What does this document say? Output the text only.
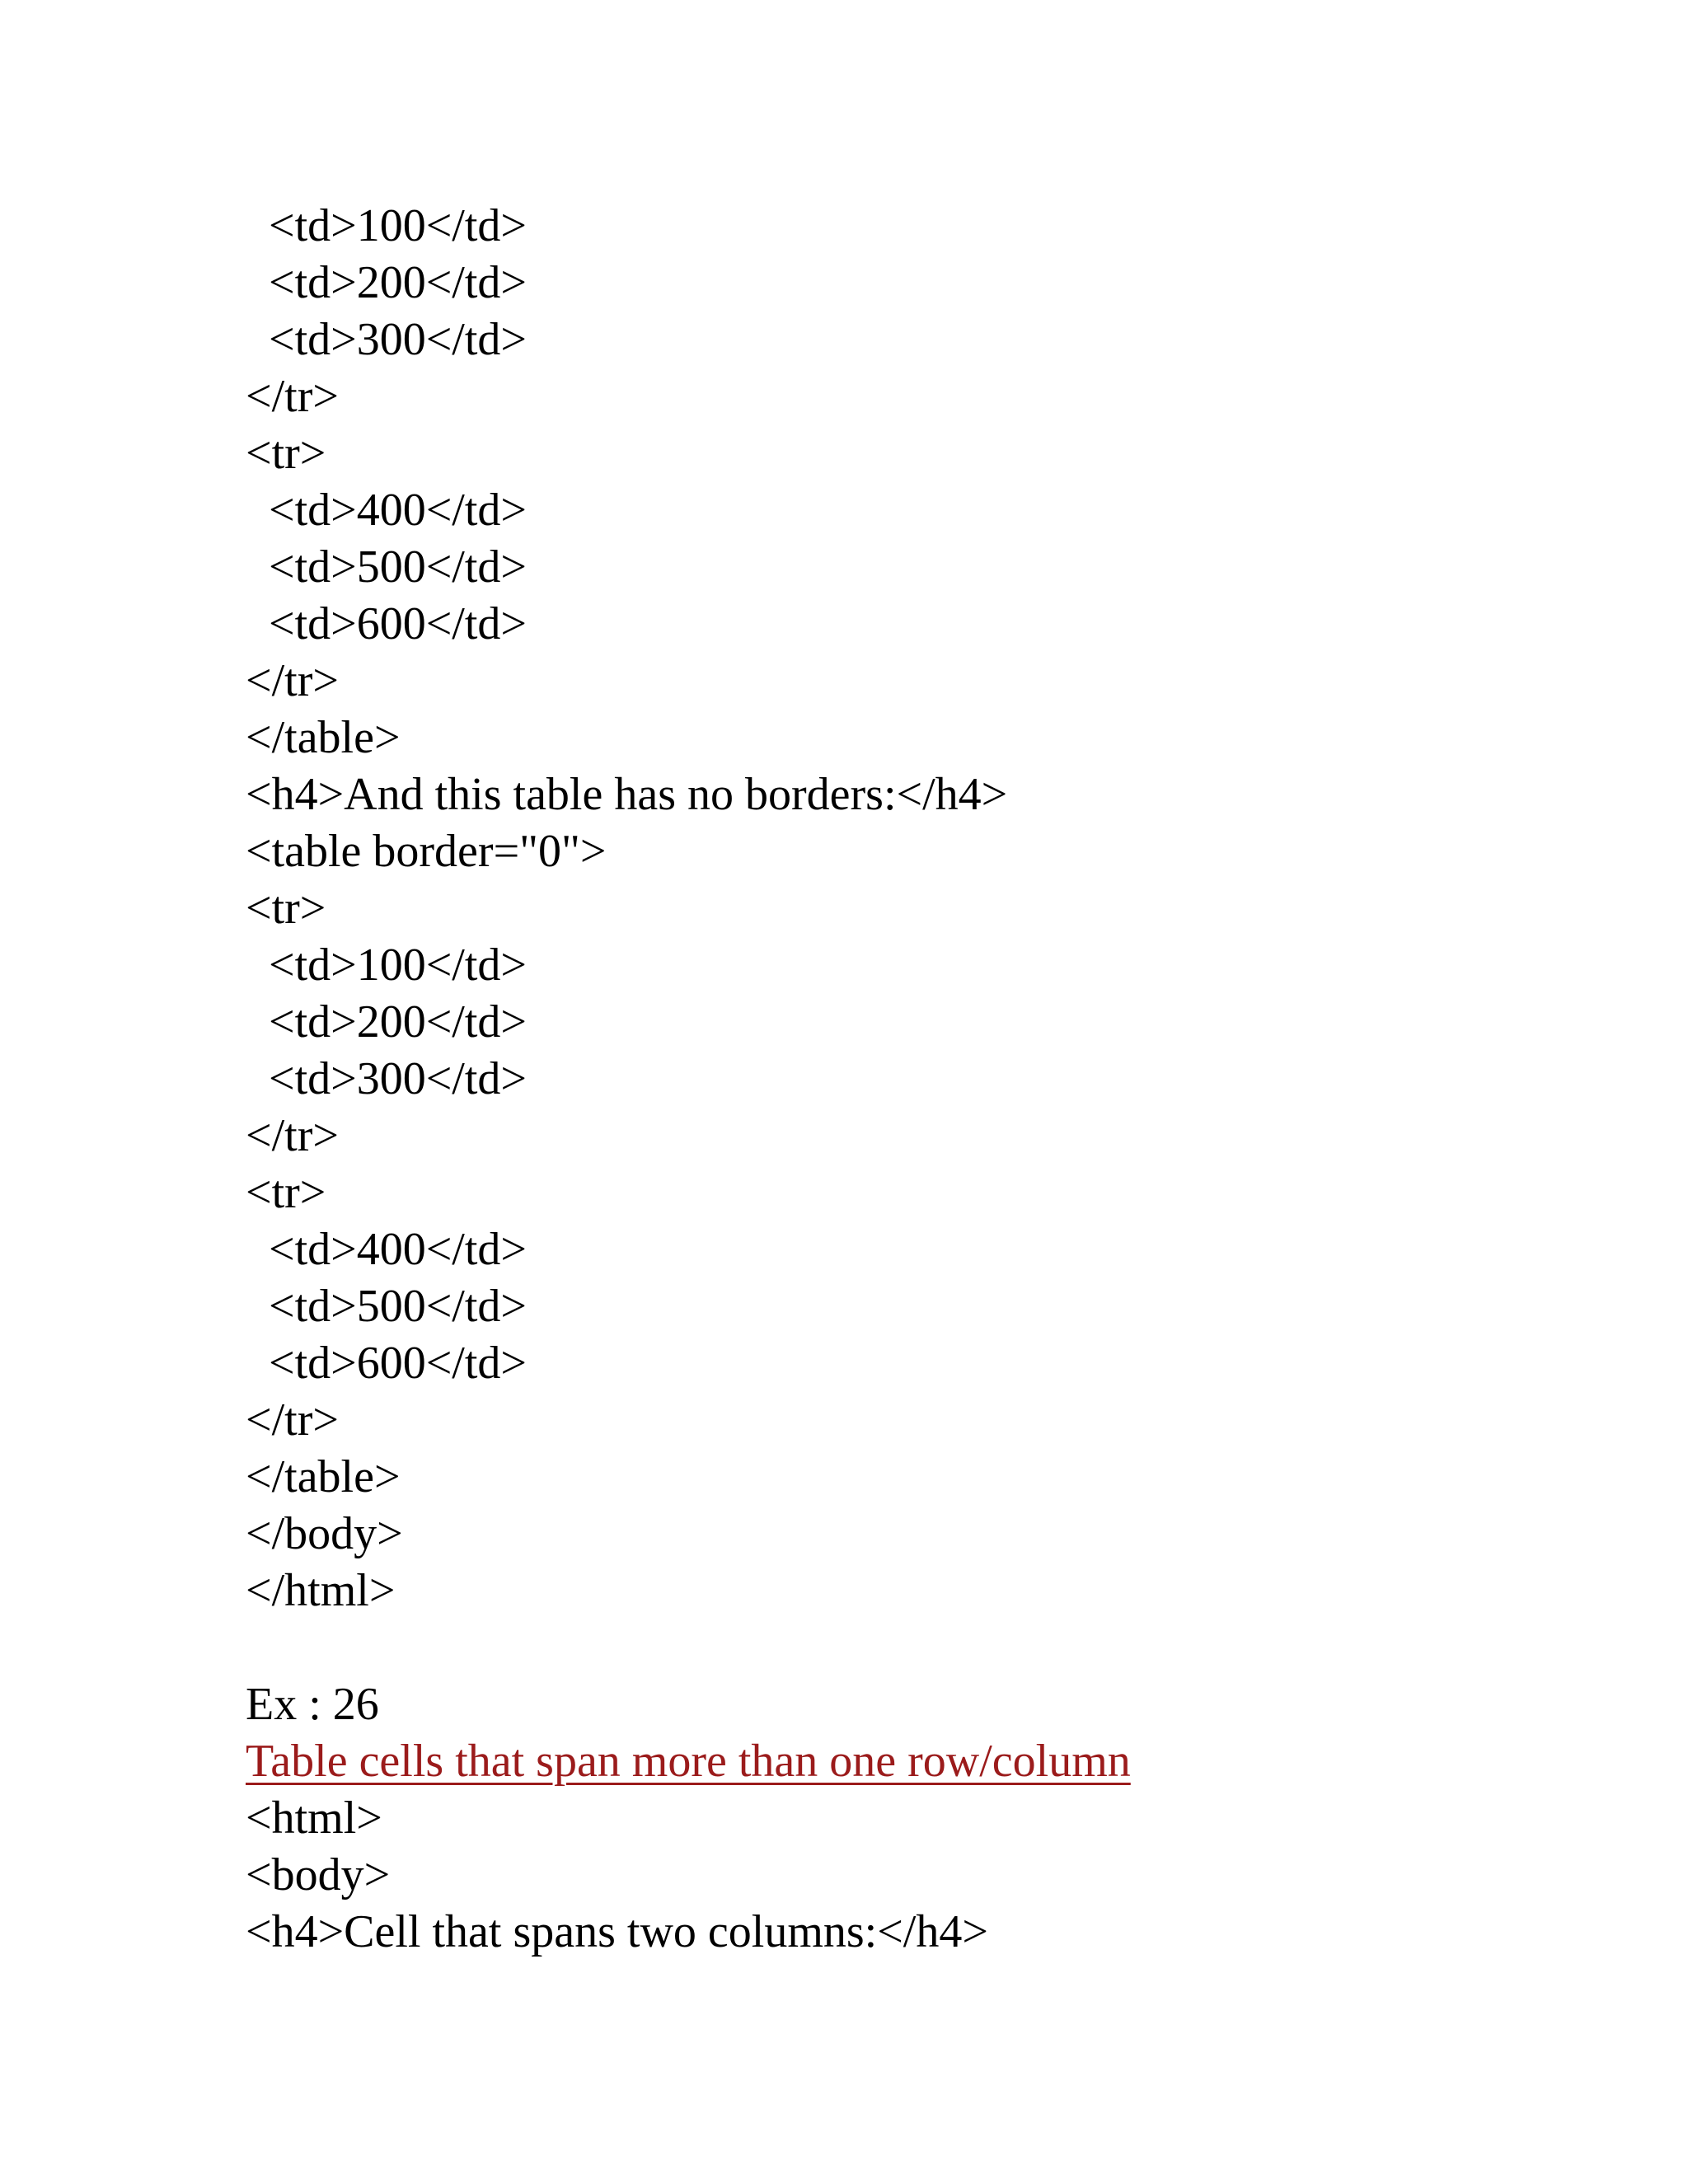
<td>100</td>
<td>200</td>
<td>300</td>
</tr>
<tr>
<td>400</td>
<td>500</td>
<td>600</td>
</tr>
</table>
<h4>And this table has no borders:</h4>
<table border="0">
<tr>
<td>100</td>
<td>200</td>
<td>300</td>
</tr>
<tr>
<td>400</td>
<td>500</td>
<td>600</td>
</tr>
</table>
</body>
</html>
Ex : 26
Table cells that span more than one row/column
<html>
<body>
<h4>Cell that spans two columns:</h4>
